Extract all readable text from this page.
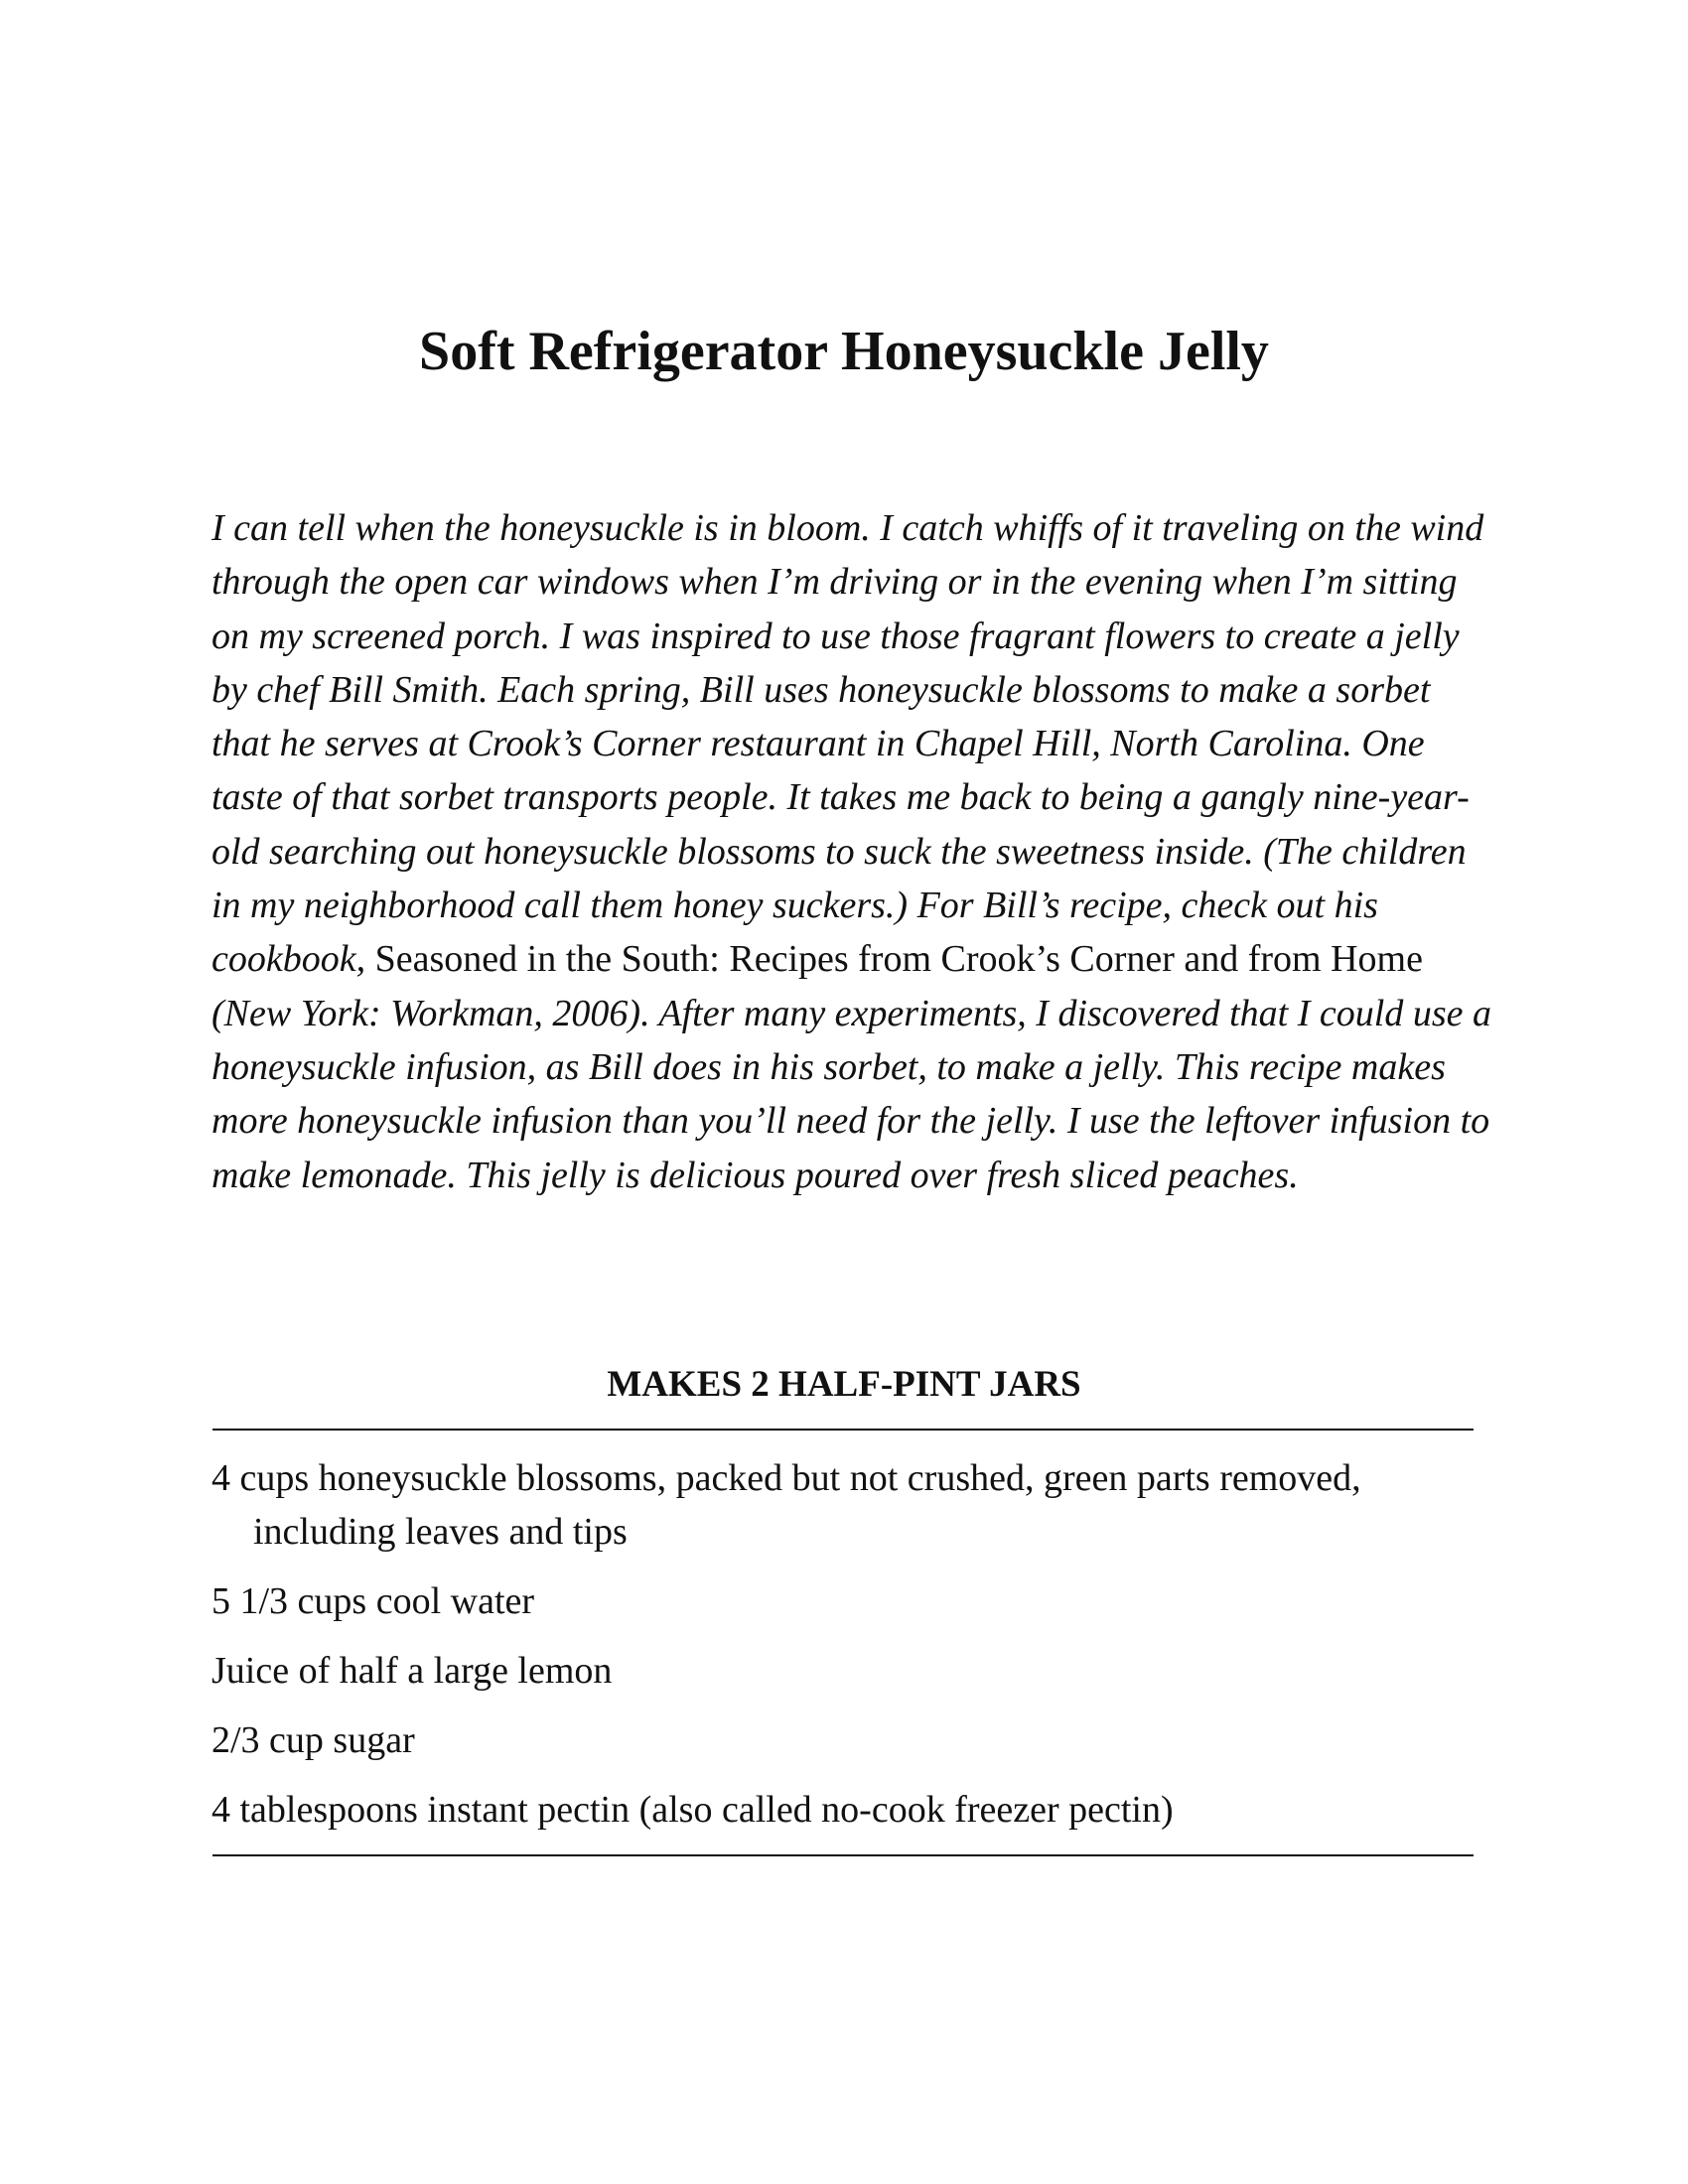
Soft Refrigerator Honeysuckle Jelly

I can tell when the honeysuckle is in bloom. I catch whiffs of it traveling on the wind through the open car windows when I’m driving or in the evening when I’m sitting on my screened porch. I was inspired to use those fragrant flowers to create a jelly by chef Bill Smith. Each spring, Bill uses honeysuckle blossoms to make a sorbet that he serves at Crook’s Corner restaurant in Chapel Hill, North Carolina. One taste of that sorbet transports people. It takes me back to being a gangly nine-year-old searching out honeysuckle blossoms to suck the sweetness inside. (The children in my neighborhood call them honey suckers.) For Bill’s recipe, check out his cookbook, Seasoned in the South: Recipes from Crook’s Corner and from Home (New York: Workman, 2006). After many experiments, I discovered that I could use a honeysuckle infusion, as Bill does in his sorbet, to make a jelly. This recipe makes more honeysuckle infusion than you’ll need for the jelly. I use the leftover infusion to make lemonade. This jelly is delicious poured over fresh sliced peaches.

MAKES 2 HALF-PINT JARS
4 cups honeysuckle blossoms, packed but not crushed, green parts removed, including leaves and tips
5 1/3 cups cool water
Juice of half a large lemon
2/3 cup sugar
4 tablespoons instant pectin (also called no-cook freezer pectin)
